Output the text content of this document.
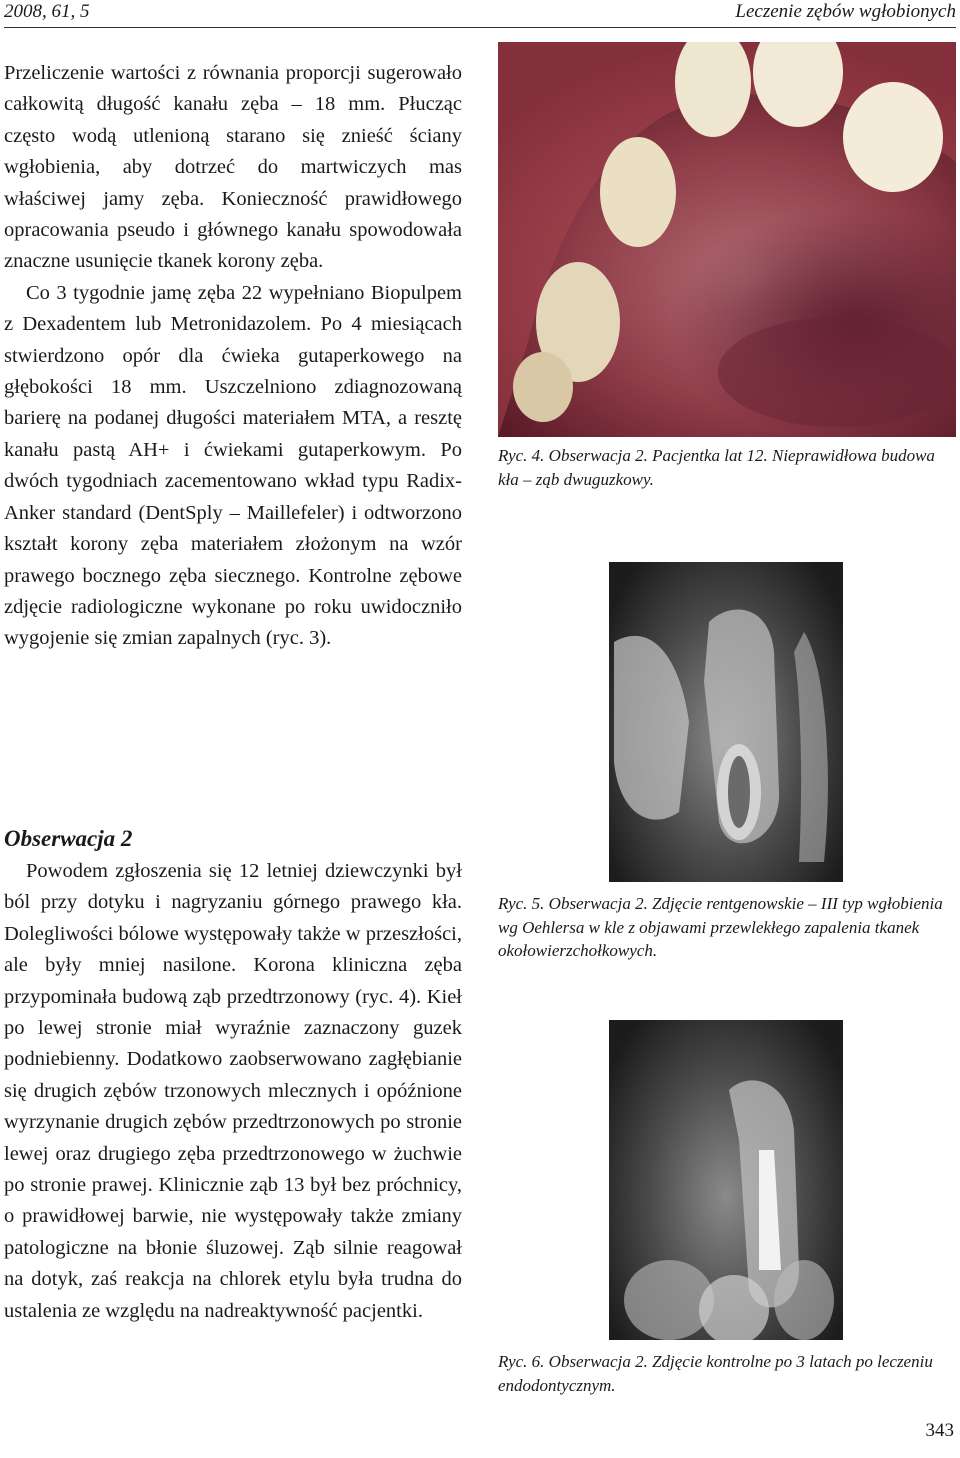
2008, 61, 5	Leczenie zębów wgłobionych

Przeliczenie wartości z równania proporcji sugerowało całkowitą długość kanału zęba – 18 mm. Płucząc często wodą utlenioną starano się znieść ściany wgłobienia, aby dotrzeć do martwiczych mas właściwej jamy zęba. Konieczność prawidłowego opracowania pseudo i głównego kanału spowodowała znaczne usunięcie tkanek korony zęba.

Co 3 tygodnie jamę zęba 22 wypełniano Biopulpem z Dexadentem lub Metronidazolem. Po 4 miesiącach stwierdzono opór dla ćwieka gutaperkowego na głębokości 18 mm. Uszczelniono zdiagnozowaną barierę na podanej długości materiałem MTA, a resztę kanału pastą AH+ i ćwiekami gutaperkowym. Po dwóch tygodniach zacementowano wkład typu Radix-Anker standard (DentSply – Maillefeler) i odtworzono kształt korony zęba materiałem złożonym na wzór prawego bocznego zęba siecznego. Kontrolne zębowe zdjęcie radiologiczne wykonane po roku uwidoczniło wygojenie się zmian zapalnych (ryc. 3).

Obserwacja 2

Powodem zgłoszenia się 12 letniej dziewczynki był ból przy dotyku i nagryzaniu górnego prawego kła. Dolegliwości bólowe występowały także w przeszłości, ale były mniej nasilone. Korona kliniczna zęba przypominała budową ząb przedtrzonowy (ryc. 4). Kieł po lewej stronie miał wyraźnie zaznaczony guzek podniebienny. Dodatkowo zaobserwowano zagłębianie się drugich zębów trzonowych mlecznych i opóźnione wyrzynanie drugich zębów przedtrzonowych po stronie lewej oraz drugiego zęba przedtrzonowego w żuchwie po stronie prawej. Klinicznie ząb 13 był bez próchnicy, o prawidłowej barwie, nie występowały także zmiany patologiczne na błonie śluzowej. Ząb silnie reagował na dotyk, zaś reakcja na chlorek etylu była trudna do ustalenia ze względu na nadreaktywność pacjentki.

Ryc. 4. Obserwacja 2. Pacjentka lat 12. Nieprawidłowa budowa kła – ząb dwuguzkowy.
Ryc. 5. Obserwacja 2. Zdjęcie rentgenowskie – III typ wgłobienia wg Oehlersa w kle z objawami przewlekłego zapalenia tkanek okołowierzchołkowych.
Ryc. 6. Obserwacja 2. Zdjęcie kontrolne po 3 latach po leczeniu endodontycznym.
343
